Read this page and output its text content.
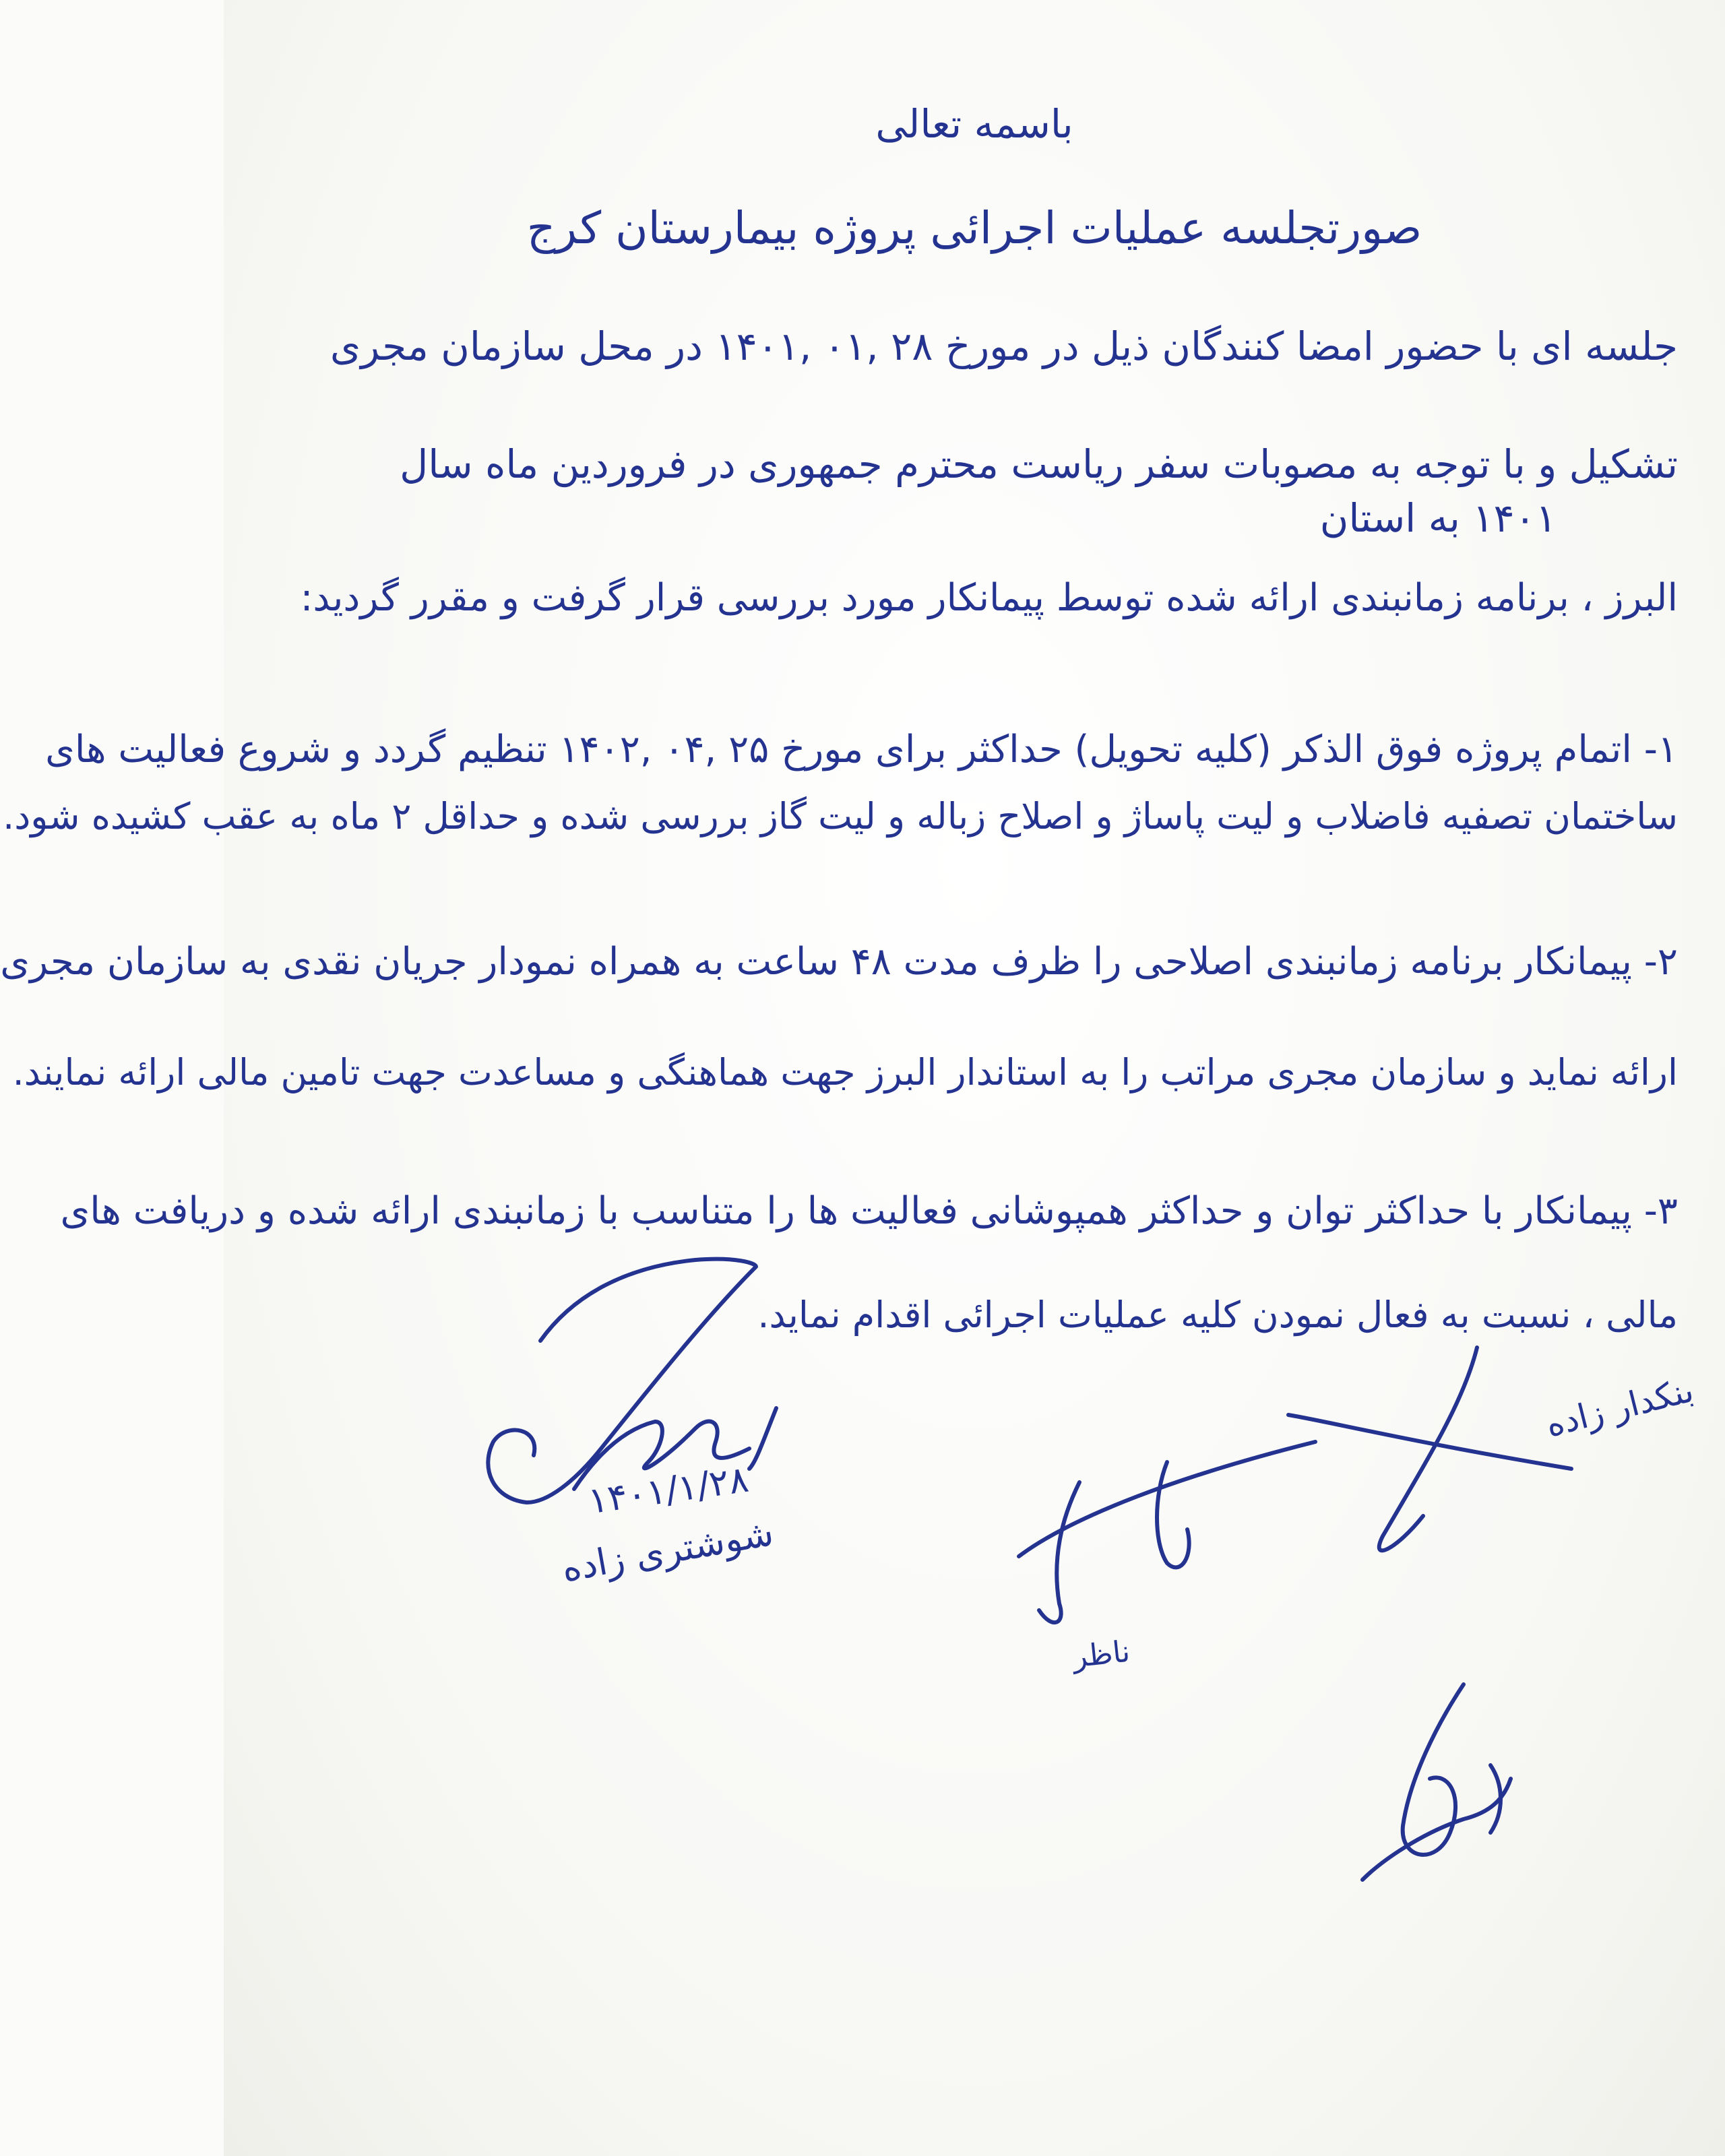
باسمه تعالی
صورتجلسه عملیات اجرائی پروژه بیمارستان کرج
جلسه ای با حضور امضا کنندگان ذیل در مورخ ۲۸ ,۰۱ ,۱۴۰۱ در محل سازمان مجری
تشکیل و با توجه به مصوبات سفر ریاست محترم جمهوری در فروردین ماه سال
۱۴۰۱ به استان
البرز ، برنامه زمانبندی ارائه شده توسط پیمانکار مورد بررسی قرار گرفت و مقرر گردید:
۱- اتمام پروژه فوق الذکر (کلیه تحویل) حداکثر برای مورخ ۲۵ ,۰۴ ,۱۴۰۲ تنظیم گردد و شروع فعالیت های
ساختمان تصفیه فاضلاب و لیت پاساژ و اصلاح زباله و لیت گاز بررسی شده و حداقل ۲ ماه به عقب کشیده شود.
۲- پیمانکار برنامه زمانبندی اصلاحی را ظرف مدت ۴۸ ساعت به همراه نمودار جریان نقدی به سازمان مجری
ارائه نماید و سازمان مجری مراتب را به استاندار البرز جهت هماهنگی و مساعدت جهت تامین مالی ارائه نمایند.
۳- پیمانکار با حداکثر توان و حداکثر همپوشانی فعالیت ها را متناسب با زمانبندی ارائه شده و دریافت های
مالی ، نسبت به فعال نمودن کلیه عملیات اجرائی اقدام نماید.
۱۴۰۱/۱/۲۸
شوشتری زاده
بنکدار زاده
ناظر
